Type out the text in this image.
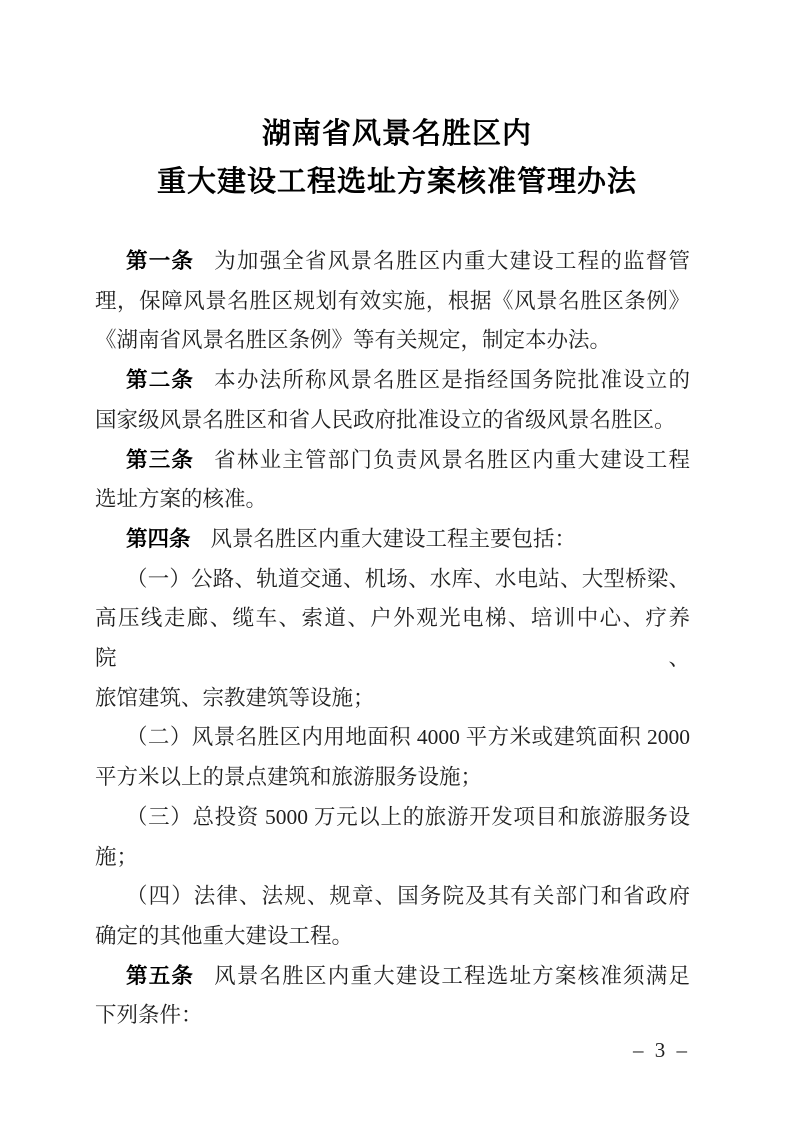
湖南省风景名胜区内
重大建设工程选址方案核准管理办法
第一条 为加强全省风景名胜区内重大建设工程的监督管
理，保障风景名胜区规划有效实施，根据《风景名胜区条例》
《湖南省风景名胜区条例》等有关规定，制定本办法。
第二条 本办法所称风景名胜区是指经国务院批准设立的
国家级风景名胜区和省人民政府批准设立的省级风景名胜区。
第三条 省林业主管部门负责风景名胜区内重大建设工程
选址方案的核准。
第四条 风景名胜区内重大建设工程主要包括：
（一）公路、轨道交通、机场、水库、水电站、大型桥梁、
高压线走廊、缆车、索道、户外观光电梯、培训中心、疗养院、
旅馆建筑、宗教建筑等设施；
（二）风景名胜区内用地面积 4000 平方米或建筑面积 2000
平方米以上的景点建筑和旅游服务设施；
（三）总投资 5000 万元以上的旅游开发项目和旅游服务设
施；
（四）法律、法规、规章、国务院及其有关部门和省政府
确定的其他重大建设工程。
第五条 风景名胜区内重大建设工程选址方案核准须满足
下列条件：
– 3 –
